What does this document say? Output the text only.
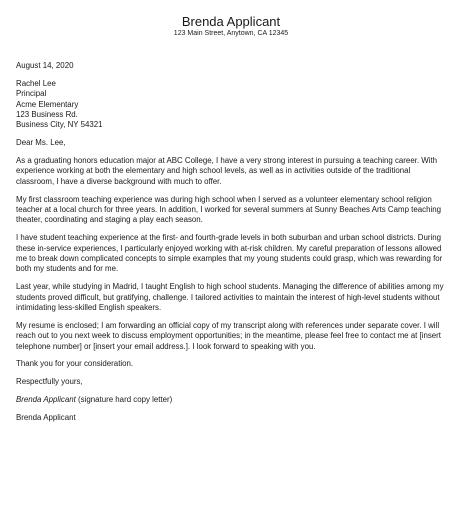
Brenda Applicant
123 Main Street, Anytown, CA 12345
August 14, 2020
Rachel Lee
Principal
Acme Elementary
123 Business Rd.
Business City, NY 54321
Dear Ms. Lee,
As a graduating honors education major at ABC College, I have a very strong interest in pursuing a teaching career. With experience working at both the elementary and high school levels, as well as in activities outside of the traditional classroom, I have a diverse background with much to offer.
My first classroom teaching experience was during high school when I served as a volunteer elementary school religion teacher at a local church for three years. In addition, I worked for several summers at Sunny Beaches Arts Camp teaching theater, coordinating and staging a play each season.
I have student teaching experience at the first- and fourth-grade levels in both suburban and urban school districts. During these in-service experiences, I particularly enjoyed working with at-risk children. My careful preparation of lessons allowed me to break down complicated concepts to simple examples that my young students could grasp, which was rewarding for both my students and for me.
Last year, while studying in Madrid, I taught English to high school students. Managing the difference of abilities among my students proved difficult, but gratifying, challenge. I tailored activities to maintain the interest of high-level students without intimidating less-skilled English speakers.
My resume is enclosed; I am forwarding an official copy of my transcript along with references under separate cover. I will reach out to you next week to discuss employment opportunities; in the meantime, please feel free to contact me at [insert telephone number] or [insert your email address.]. I look forward to speaking with you.
Thank you for your consideration.
Respectfully yours,
Brenda Applicant (signature hard copy letter)
Brenda Applicant
